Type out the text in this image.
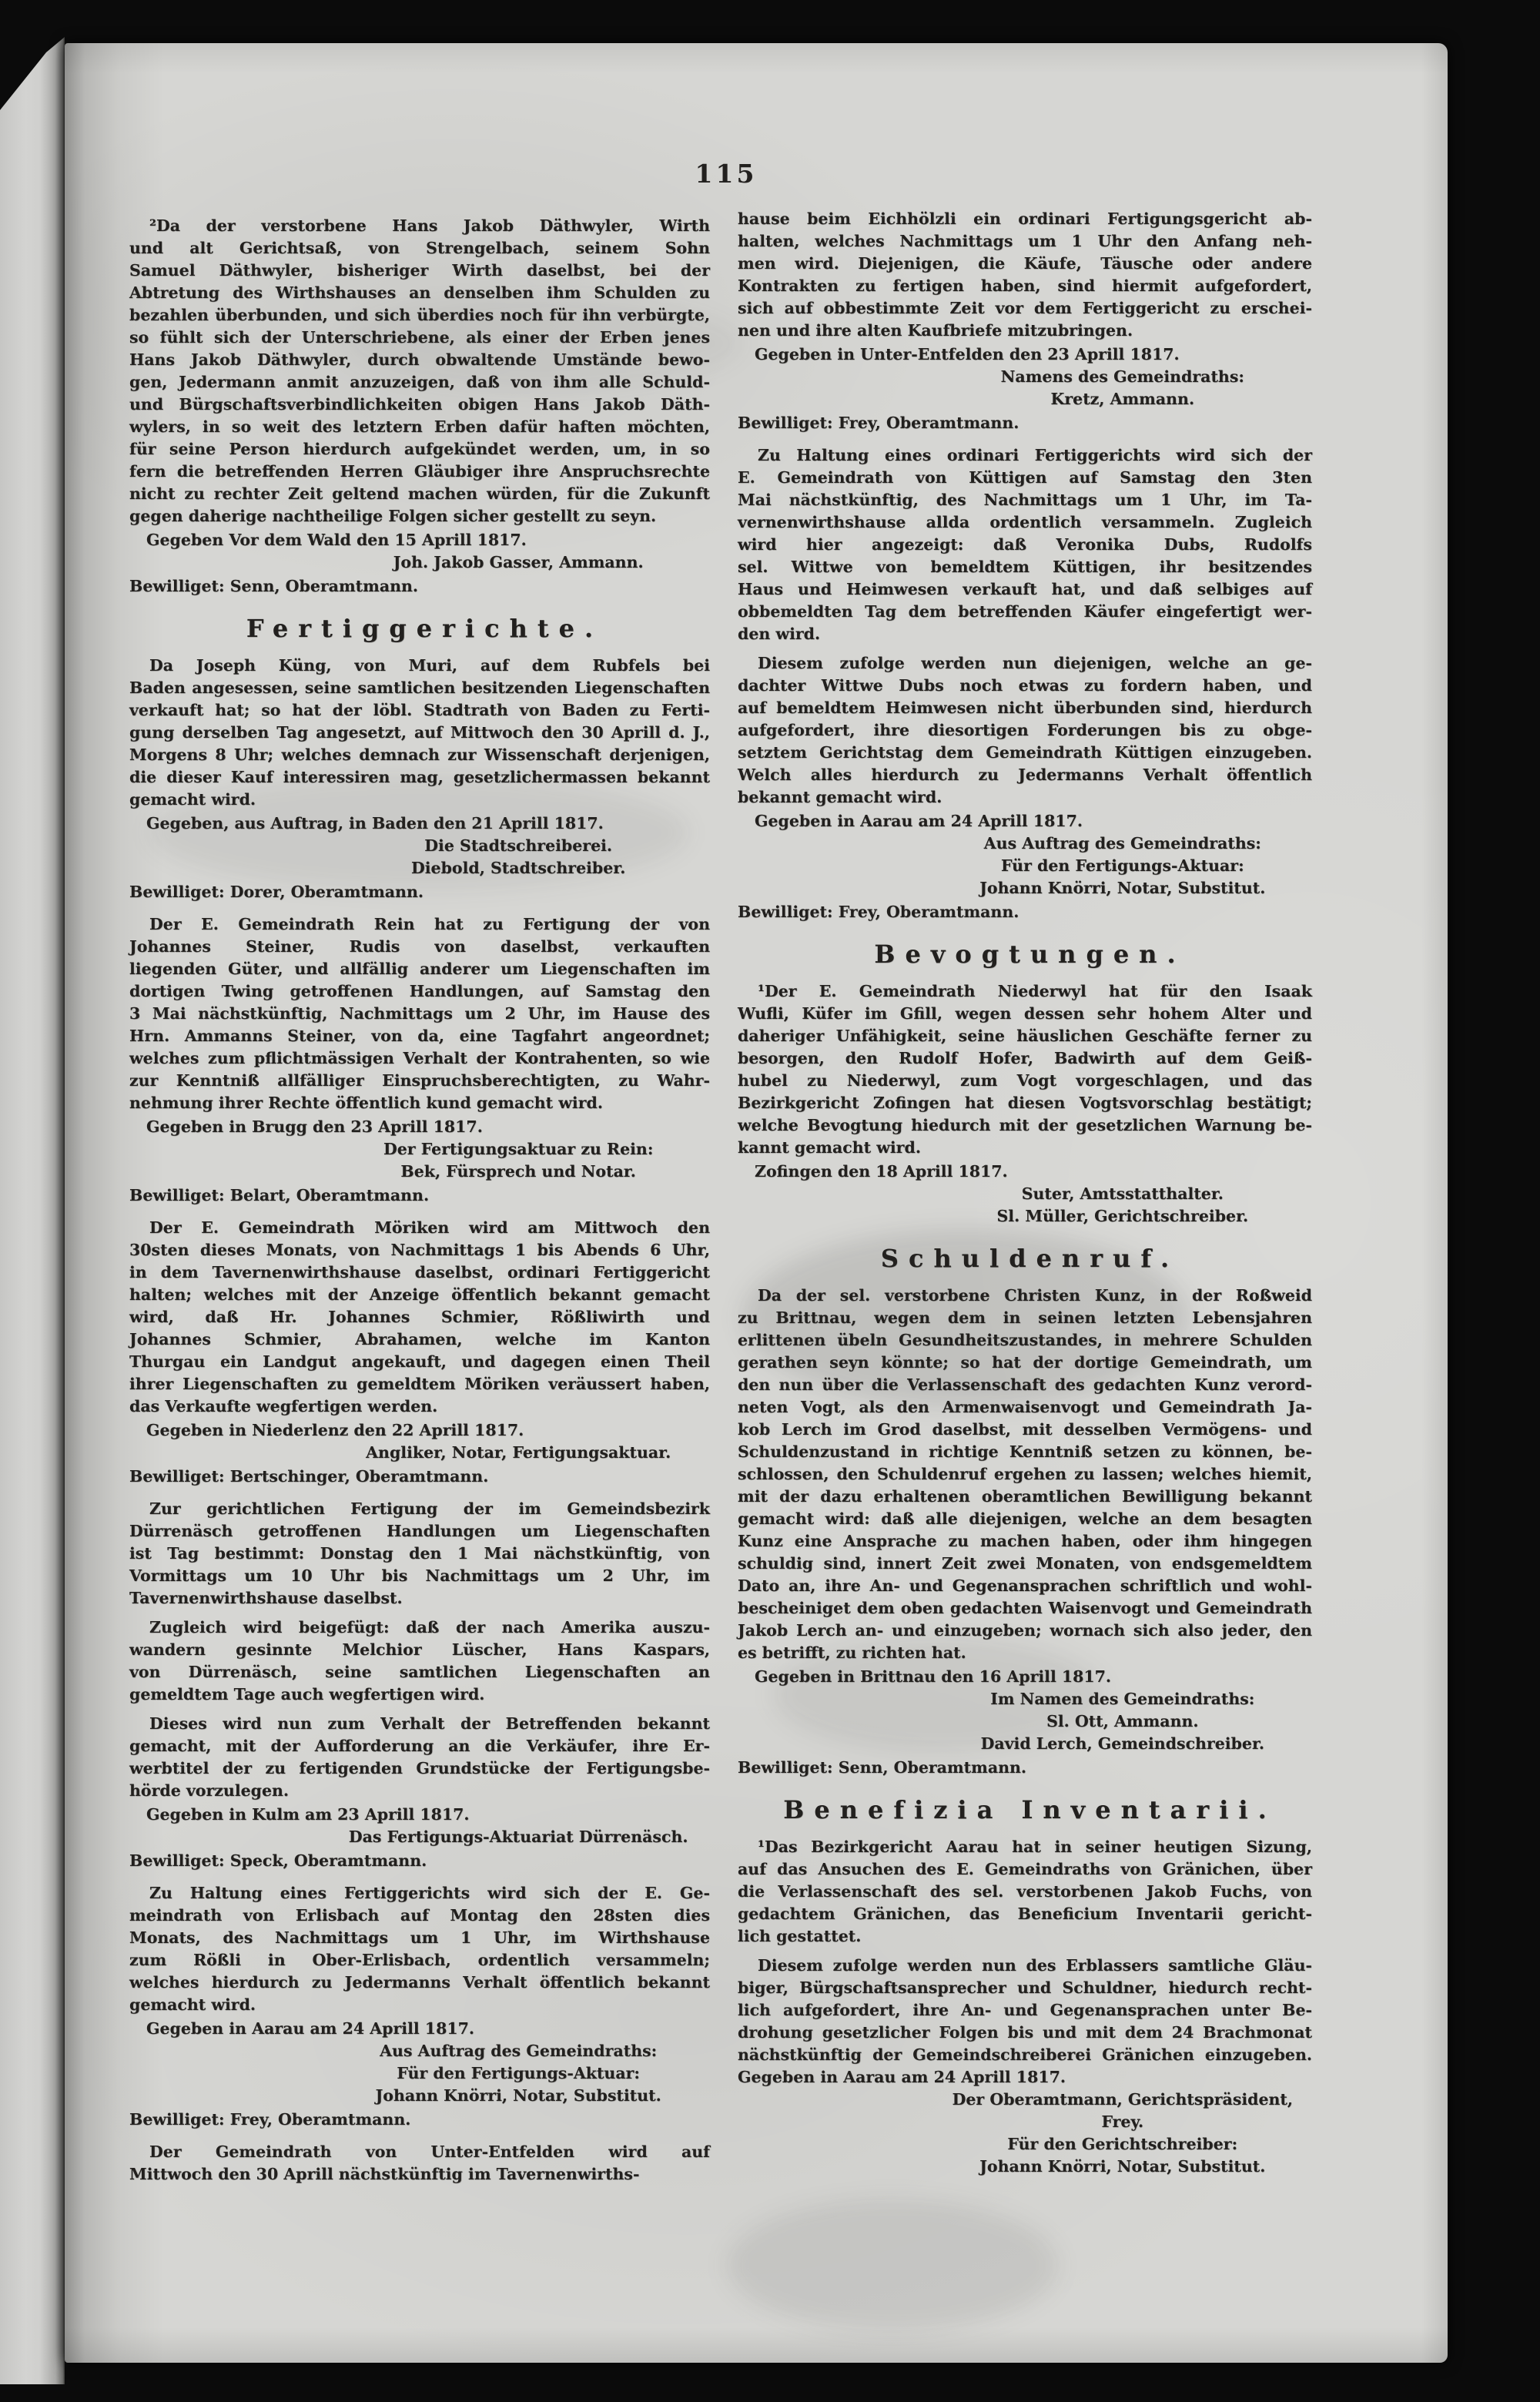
115
²Da der verstorbene Hans Jakob Däthwyler, Wirth
und alt Gerichtsaß, von Strengelbach, seinem Sohn
Samuel Däthwyler, bisheriger Wirth daselbst, bei der
Abtretung des Wirthshauses an denselben ihm Schulden zu
bezahlen überbunden, und sich überdies noch für ihn verbürgte,
so fühlt sich der Unterschriebene, als einer der Erben jenes
Hans Jakob Däthwyler, durch obwaltende Umstände bewo-
gen, Jedermann anmit anzuzeigen, daß von ihm alle Schuld-
und Bürgschaftsverbindlichkeiten obigen Hans Jakob Däth-
wylers, in so weit des letztern Erben dafür haften möchten,
für seine Person hierdurch aufgekündet werden, um, in so
fern die betreffenden Herren Gläubiger ihre Anspruchsrechte
nicht zu rechter Zeit geltend machen würden, für die Zukunft
gegen daherige nachtheilige Folgen sicher gestellt zu seyn.
Gegeben Vor dem Wald den 15 Aprill 1817.
Joh. Jakob Gasser, Ammann.
Bewilliget: Senn, Oberamtmann.
Fertiggerichte.
Da Joseph Küng, von Muri, auf dem Rubfels bei
Baden angesessen, seine samtlichen besitzenden Liegenschaften
verkauft hat; so hat der löbl. Stadtrath von Baden zu Ferti-
gung derselben Tag angesetzt, auf Mittwoch den 30 Aprill d. J.,
Morgens 8 Uhr; welches demnach zur Wissenschaft derjenigen,
die dieser Kauf interessiren mag, gesetzlichermassen bekannt
gemacht wird.
Gegeben, aus Auftrag, in Baden den 21 Aprill 1817.
Die Stadtschreiberei.
Diebold, Stadtschreiber.
Bewilliget: Dorer, Oberamtmann.
Der E. Gemeindrath Rein hat zu Fertigung der von
Johannes Steiner, Rudis von daselbst, verkauften
liegenden Güter, und allfällig anderer um Liegenschaften im
dortigen Twing getroffenen Handlungen, auf Samstag den
3 Mai nächstkünftig, Nachmittags um 2 Uhr, im Hause des
Hrn. Ammanns Steiner, von da, eine Tagfahrt angeordnet;
welches zum pflichtmässigen Verhalt der Kontrahenten, so wie
zur Kenntniß allfälliger Einspruchsberechtigten, zu Wahr-
nehmung ihrer Rechte öffentlich kund gemacht wird.
Gegeben in Brugg den 23 Aprill 1817.
Der Fertigungsaktuar zu Rein:
Bek, Fürsprech und Notar.
Bewilliget: Belart, Oberamtmann.
Der E. Gemeindrath Möriken wird am Mittwoch den
30sten dieses Monats, von Nachmittags 1 bis Abends 6 Uhr,
in dem Tavernenwirthshause daselbst, ordinari Fertiggericht
halten; welches mit der Anzeige öffentlich bekannt gemacht
wird, daß Hr. Johannes Schmier, Rößliwirth und
Johannes Schmier, Abrahamen, welche im Kanton
Thurgau ein Landgut angekauft, und dagegen einen Theil
ihrer Liegenschaften zu gemeldtem Möriken veräussert haben,
das Verkaufte wegfertigen werden.
Gegeben in Niederlenz den 22 Aprill 1817.
Angliker, Notar, Fertigungsaktuar.
Bewilliget: Bertschinger, Oberamtmann.
Zur gerichtlichen Fertigung der im Gemeindsbezirk
Dürrenäsch getroffenen Handlungen um Liegenschaften
ist Tag bestimmt: Donstag den 1 Mai nächstkünftig, von
Vormittags um 10 Uhr bis Nachmittags um 2 Uhr, im
Tavernenwirthshause daselbst.
Zugleich wird beigefügt: daß der nach Amerika auszu-
wandern gesinnte Melchior Lüscher, Hans Kaspars,
von Dürrenäsch, seine samtlichen Liegenschaften an
gemeldtem Tage auch wegfertigen wird.
Dieses wird nun zum Verhalt der Betreffenden bekannt
gemacht, mit der Aufforderung an die Verkäufer, ihre Er-
werbtitel der zu fertigenden Grundstücke der Fertigungsbe-
hörde vorzulegen.
Gegeben in Kulm am 23 Aprill 1817.
Das Fertigungs-Aktuariat Dürrenäsch.
Bewilliget: Speck, Oberamtmann.
Zu Haltung eines Fertiggerichts wird sich der E. Ge-
meindrath von Erlisbach auf Montag den 28sten dies
Monats, des Nachmittags um 1 Uhr, im Wirthshause
zum Rößli in Ober-Erlisbach, ordentlich versammeln;
welches hierdurch zu Jedermanns Verhalt öffentlich bekannt
gemacht wird.
Gegeben in Aarau am 24 Aprill 1817.
Aus Auftrag des Gemeindraths:
Für den Fertigungs-Aktuar:
Johann Knörri, Notar, Substitut.
Bewilliget: Frey, Oberamtmann.
Der Gemeindrath von Unter-Entfelden wird auf
Mittwoch den 30 Aprill nächstkünftig im Tavernenwirths-
hause beim Eichhölzli ein ordinari Fertigungsgericht ab-
halten, welches Nachmittags um 1 Uhr den Anfang neh-
men wird. Diejenigen, die Käufe, Täusche oder andere
Kontrakten zu fertigen haben, sind hiermit aufgefordert,
sich auf obbestimmte Zeit vor dem Fertiggericht zu erschei-
nen und ihre alten Kaufbriefe mitzubringen.
Gegeben in Unter-Entfelden den 23 Aprill 1817.
Namens des Gemeindraths:
Kretz, Ammann.
Bewilliget: Frey, Oberamtmann.
Zu Haltung eines ordinari Fertiggerichts wird sich der
E. Gemeindrath von Küttigen auf Samstag den 3ten
Mai nächstkünftig, des Nachmittags um 1 Uhr, im Ta-
vernenwirthshause allda ordentlich versammeln. Zugleich
wird hier angezeigt: daß Veronika Dubs, Rudolfs
sel. Wittwe von bemeldtem Küttigen, ihr besitzendes
Haus und Heimwesen verkauft hat, und daß selbiges auf
obbemeldten Tag dem betreffenden Käufer eingefertigt wer-
den wird.
Diesem zufolge werden nun diejenigen, welche an ge-
dachter Wittwe Dubs noch etwas zu fordern haben, und
auf bemeldtem Heimwesen nicht überbunden sind, hierdurch
aufgefordert, ihre diesortigen Forderungen bis zu obge-
setztem Gerichtstag dem Gemeindrath Küttigen einzugeben.
Welch alles hierdurch zu Jedermanns Verhalt öffentlich
bekannt gemacht wird.
Gegeben in Aarau am 24 Aprill 1817.
Aus Auftrag des Gemeindraths:
Für den Fertigungs-Aktuar:
Johann Knörri, Notar, Substitut.
Bewilliget: Frey, Oberamtmann.
Bevogtungen.
¹Der E. Gemeindrath Niederwyl hat für den Isaak
Wufli, Küfer im Gfill, wegen dessen sehr hohem Alter und
daheriger Unfähigkeit, seine häuslichen Geschäfte ferner zu
besorgen, den Rudolf Hofer, Badwirth auf dem Geiß-
hubel zu Niederwyl, zum Vogt vorgeschlagen, und das
Bezirkgericht Zofingen hat diesen Vogtsvorschlag bestätigt;
welche Bevogtung hiedurch mit der gesetzlichen Warnung be-
kannt gemacht wird.
Zofingen den 18 Aprill 1817.
Suter, Amtsstatthalter.
Sl. Müller, Gerichtschreiber.
Schuldenruf.
Da der sel. verstorbene Christen Kunz, in der Roßweid
zu Brittnau, wegen dem in seinen letzten Lebensjahren
erlittenen übeln Gesundheitszustandes, in mehrere Schulden
gerathen seyn könnte; so hat der dortige Gemeindrath, um
den nun über die Verlassenschaft des gedachten Kunz verord-
neten Vogt, als den Armenwaisenvogt und Gemeindrath Ja-
kob Lerch im Grod daselbst, mit desselben Vermögens- und
Schuldenzustand in richtige Kenntniß setzen zu können, be-
schlossen, den Schuldenruf ergehen zu lassen; welches hiemit,
mit der dazu erhaltenen oberamtlichen Bewilligung bekannt
gemacht wird: daß alle diejenigen, welche an dem besagten
Kunz eine Ansprache zu machen haben, oder ihm hingegen
schuldig sind, innert Zeit zwei Monaten, von endsgemeldtem
Dato an, ihre An- und Gegenansprachen schriftlich und wohl-
bescheiniget dem oben gedachten Waisenvogt und Gemeindrath
Jakob Lerch an- und einzugeben; wornach sich also jeder, den
es betrifft, zu richten hat.
Gegeben in Brittnau den 16 Aprill 1817.
Im Namen des Gemeindraths:
Sl. Ott, Ammann.
David Lerch, Gemeindschreiber.
Bewilliget: Senn, Oberamtmann.
Benefizia Inventarii.
¹Das Bezirkgericht Aarau hat in seiner heutigen Sizung,
auf das Ansuchen des E. Gemeindraths von Gränichen, über
die Verlassenschaft des sel. verstorbenen Jakob Fuchs, von
gedachtem Gränichen, das Beneficium Inventarii gericht-
lich gestattet.
Diesem zufolge werden nun des Erblassers samtliche Gläu-
biger, Bürgschaftsansprecher und Schuldner, hiedurch recht-
lich aufgefordert, ihre An- und Gegenansprachen unter Be-
drohung gesetzlicher Folgen bis und mit dem 24 Brachmonat
nächstkünftig der Gemeindschreiberei Gränichen einzugeben.
Gegeben in Aarau am 24 Aprill 1817.
Der Oberamtmann, Gerichtspräsident,
Frey.
Für den Gerichtschreiber:
Johann Knörri, Notar, Substitut.
